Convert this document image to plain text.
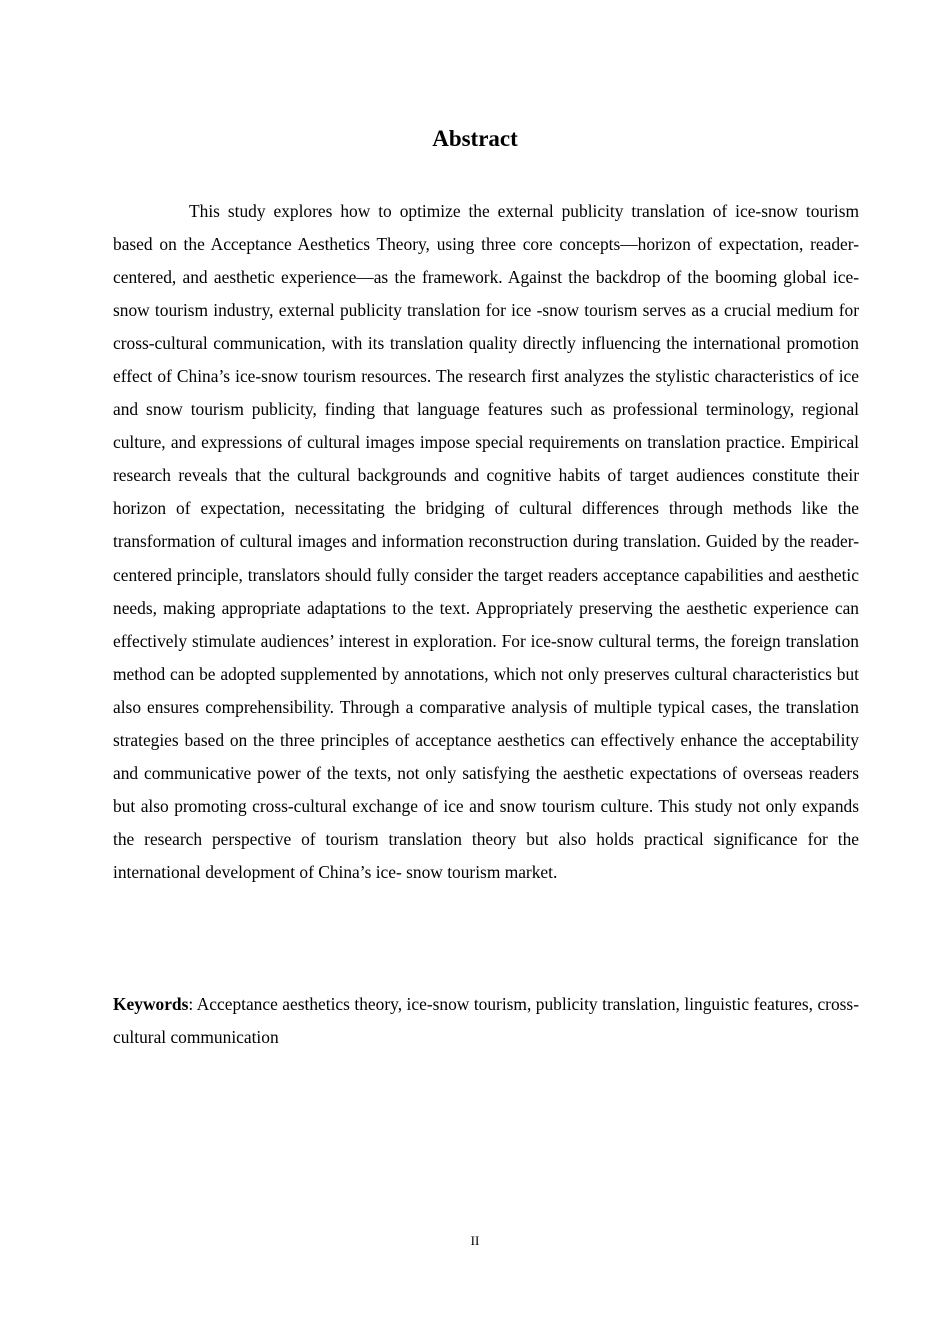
Abstract

This study explores how to optimize the external publicity translation of ice-snow tourism based on the Acceptance Aesthetics Theory, using three core concepts—horizon of expectation, reader-centered, and aesthetic experience—as the framework. Against the backdrop of the booming global ice-snow tourism industry, external publicity translation for ice -snow tourism serves as a crucial medium for cross-cultural communication, with its translation quality directly influencing the international promotion effect of China’s ice-snow tourism resources. The research first analyzes the stylistic characteristics of ice and snow tourism publicity, finding that language features such as professional terminology, regional culture, and expressions of cultural images impose special requirements on translation practice. Empirical research reveals that the cultural backgrounds and cognitive habits of target audiences constitute their horizon of expectation, necessitating the bridging of cultural differences through methods like the transformation of cultural images and information reconstruction during translation. Guided by the reader-centered principle, translators should fully consider the target readers acceptance capabilities and aesthetic needs, making appropriate adaptations to the text. Appropriately preserving the aesthetic experience can effectively stimulate audiences’ interest in exploration. For ice-snow cultural terms, the foreign translation method can be adopted supplemented by annotations, which not only preserves cultural characteristics but also ensures comprehensibility. Through a comparative analysis of multiple typical cases, the translation strategies based on the three principles of acceptance aesthetics can effectively enhance the acceptability and communicative power of the texts, not only satisfying the aesthetic expectations of overseas readers but also promoting cross-cultural exchange of ice and snow tourism culture. This study not only expands the research perspective of tourism translation theory but also holds practical significance for the international development of China’s ice- snow tourism market.

Keywords: Acceptance aesthetics theory, ice-snow tourism, publicity translation, linguistic features, cross-cultural communication

II
